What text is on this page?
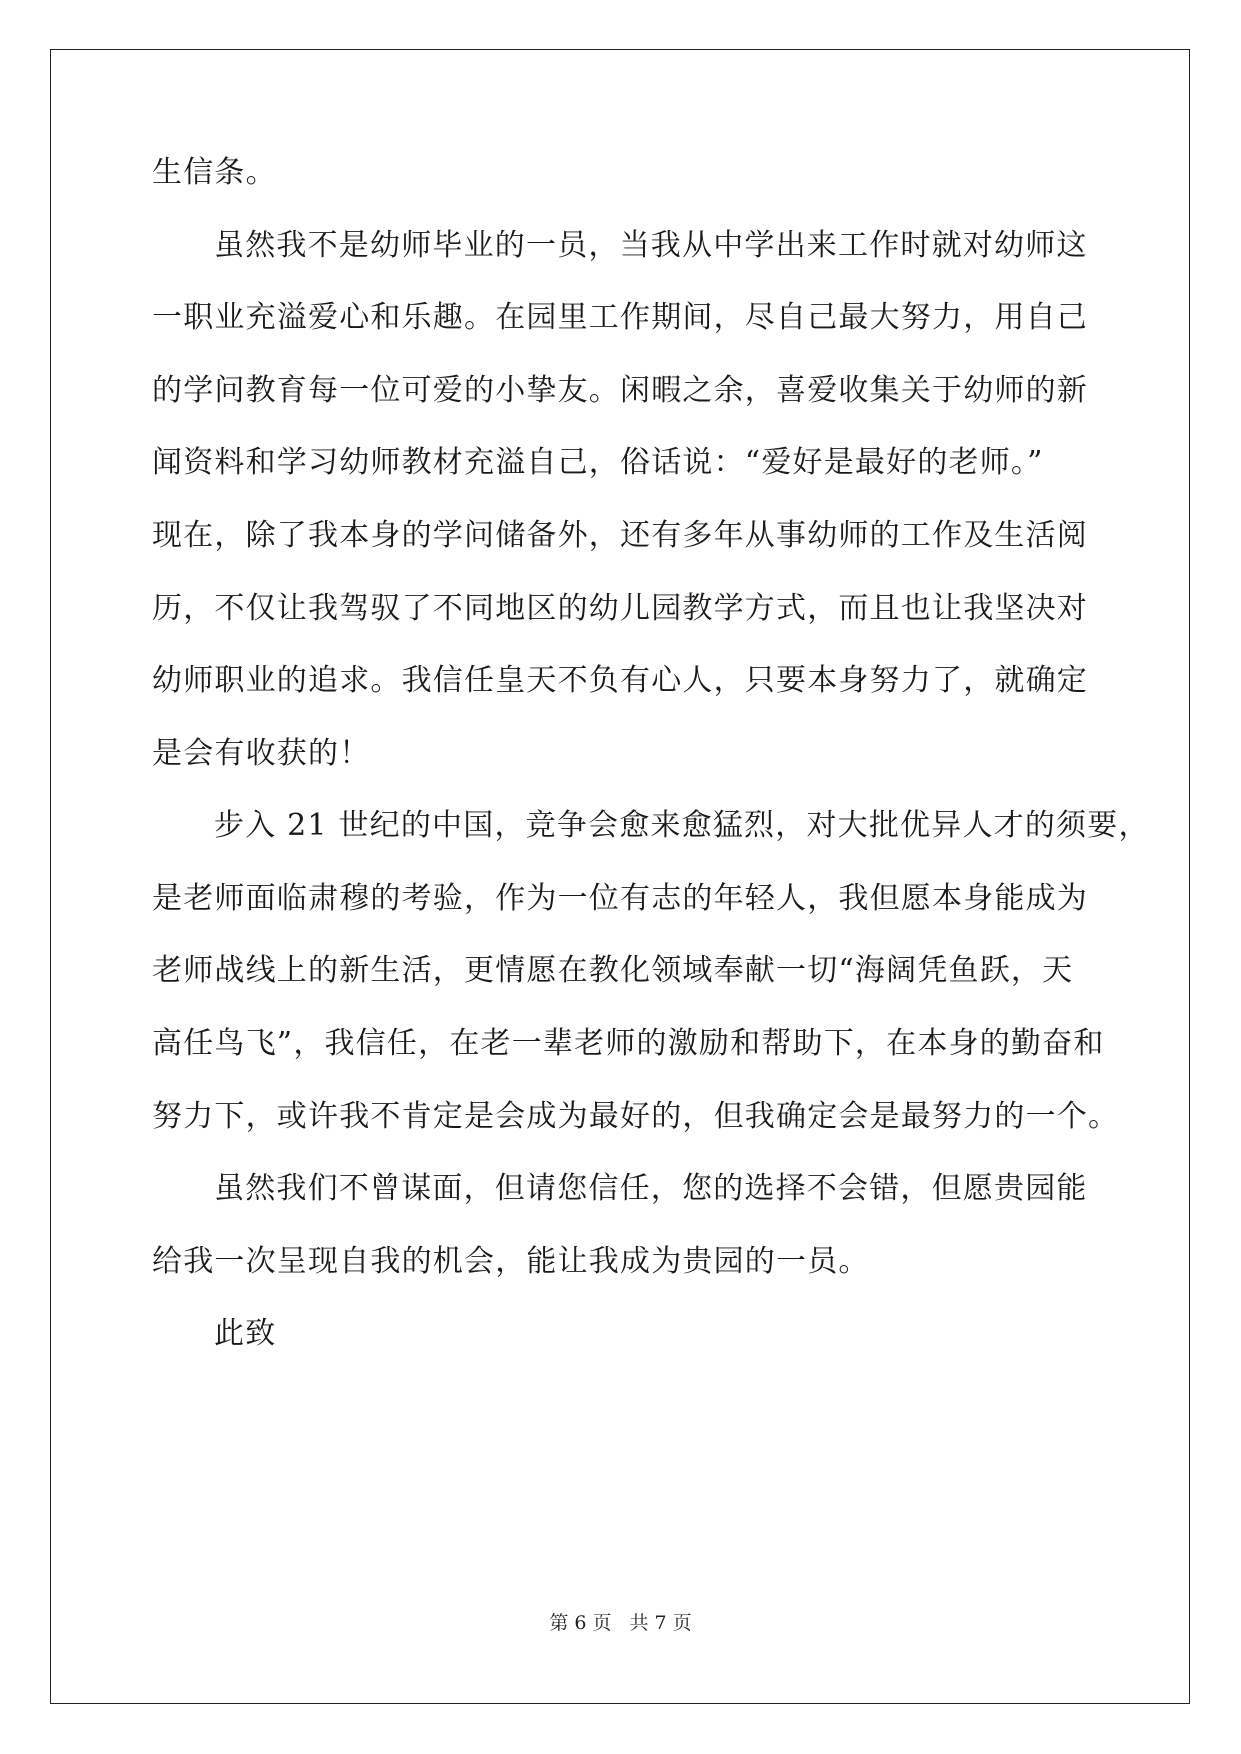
生信条。
虽然我不是幼师毕业的一员，当我从中学出来工作时就对幼师这
一职业充溢爱心和乐趣。在园里工作期间，尽自己最大努力，用自己
的学问教育每一位可爱的小挚友。闲暇之余，喜爱收集关于幼师的新
闻资料和学习幼师教材充溢自己，俗话说：“爱好是最好的老师。”
现在，除了我本身的学问储备外，还有多年从事幼师的工作及生活阅
历，不仅让我驾驭了不同地区的幼儿园教学方式，而且也让我坚决对
幼师职业的追求。我信任皇天不负有心人，只要本身努力了，就确定
是会有收获的！
步入 21 世纪的中国，竞争会愈来愈猛烈，对大批优异人才的须要，
是老师面临肃穆的考验，作为一位有志的年轻人，我但愿本身能成为
老师战线上的新生活，更情愿在教化领域奉献一切“海阔凭鱼跃，天
高任鸟飞”，我信任，在老一辈老师的激励和帮助下，在本身的勤奋和
努力下，或许我不肯定是会成为最好的，但我确定会是最努力的一个。
虽然我们不曾谋面，但请您信任，您的选择不会错，但愿贵园能
给我一次呈现自我的机会，能让我成为贵园的一员。
此致
第 6 页 共 7 页
